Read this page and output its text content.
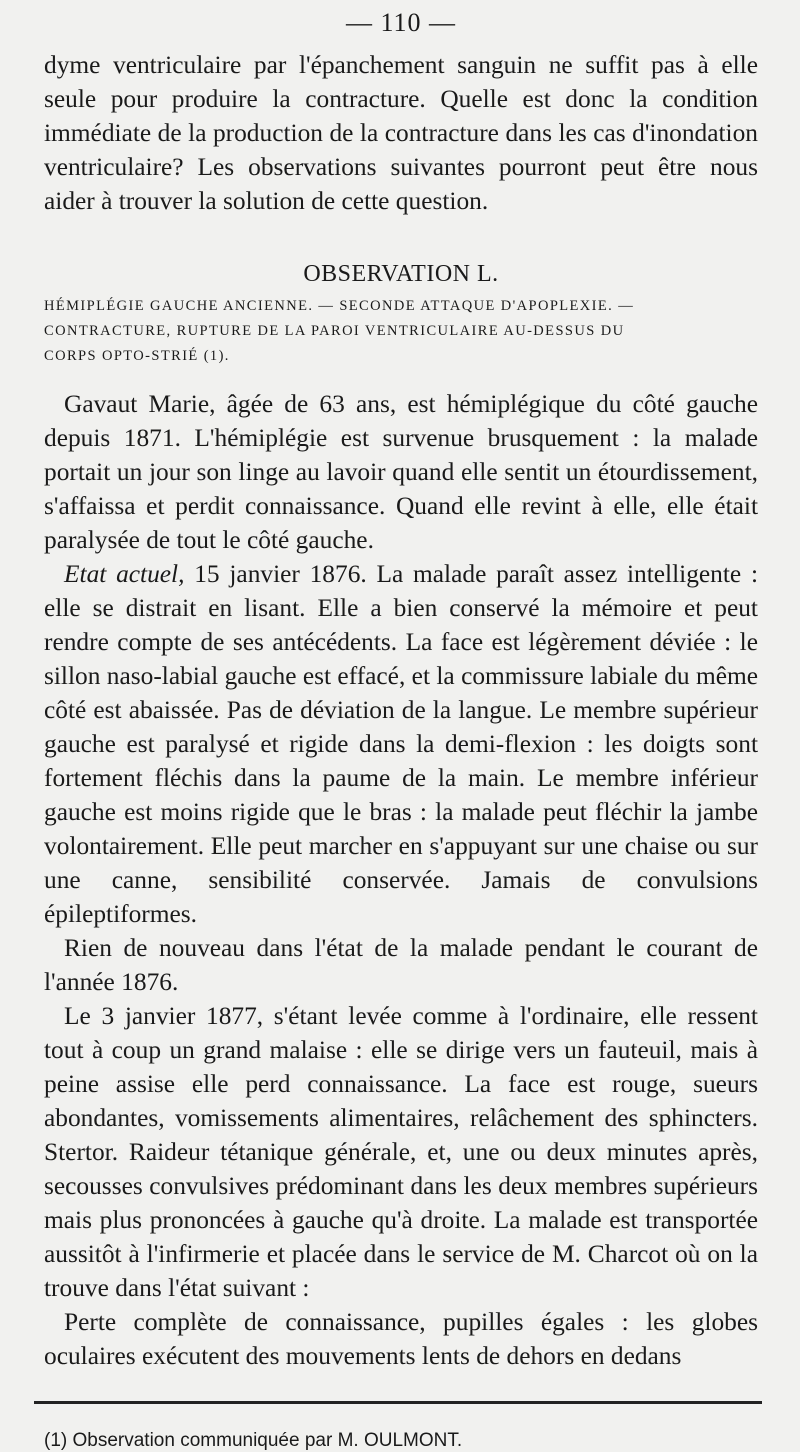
— 110 —

dyme ventriculaire par l'épanchement sanguin ne suffit pas à elle seule pour produire la contracture. Quelle est donc la condition immédiate de la production de la contracture dans les cas d'inondation ventriculaire? Les observations suivantes pourront peut être nous aider à trouver la solution de cette question.

OBSERVATION L.
HÉMIPLÉGIE GAUCHE ANCIENNE. — SECONDE ATTAQUE D'APOPLEXIE. —
CONTRACTURE, RUPTURE DE LA PAROI VENTRICULAIRE AU-DESSUS DU
CORPS OPTO-STRIÉ (1).

Gavaut Marie, âgée de 63 ans, est hémiplégique du côté gauche depuis 1871. L'hémiplégie est survenue brusquement : la malade portait un jour son linge au lavoir quand elle sentit un étourdissement, s'affaissa et perdit connaissance. Quand elle revint à elle, elle était paralysée de tout le côté gauche.

Etat actuel, 15 janvier 1876. La malade paraît assez intelligente : elle se distrait en lisant. Elle a bien conservé la mémoire et peut rendre compte de ses antécédents. La face est légèrement déviée : le sillon naso-labial gauche est effacé, et la commissure labiale du même côté est abaissée. Pas de déviation de la langue. Le membre supérieur gauche est paralysé et rigide dans la demi-flexion : les doigts sont fortement fléchis dans la paume de la main. Le membre inférieur gauche est moins rigide que le bras : la malade peut fléchir la jambe volontairement. Elle peut marcher en s'appuyant sur une chaise ou sur une canne, sensibilité conservée. Jamais de convulsions épileptiformes.

Rien de nouveau dans l'état de la malade pendant le courant de l'année 1876.

Le 3 janvier 1877, s'étant levée comme à l'ordinaire, elle ressent tout à coup un grand malaise : elle se dirige vers un fauteuil, mais à peine assise elle perd connaissance. La face est rouge, sueurs abondantes, vomissements alimentaires, relâchement des sphincters. Stertor. Raideur tétanique générale, et, une ou deux minutes après, secousses convulsives prédominant dans les deux membres supérieurs mais plus prononcées à gauche qu'à droite. La malade est transportée aussitôt à l'infirmerie et placée dans le service de M. Charcot où on la trouve dans l'état suivant :

Perte complète de connaissance, pupilles égales : les globes oculaires exécutent des mouvements lents de dehors en dedans

(1) Observation communiquée par M. OULMONT.
